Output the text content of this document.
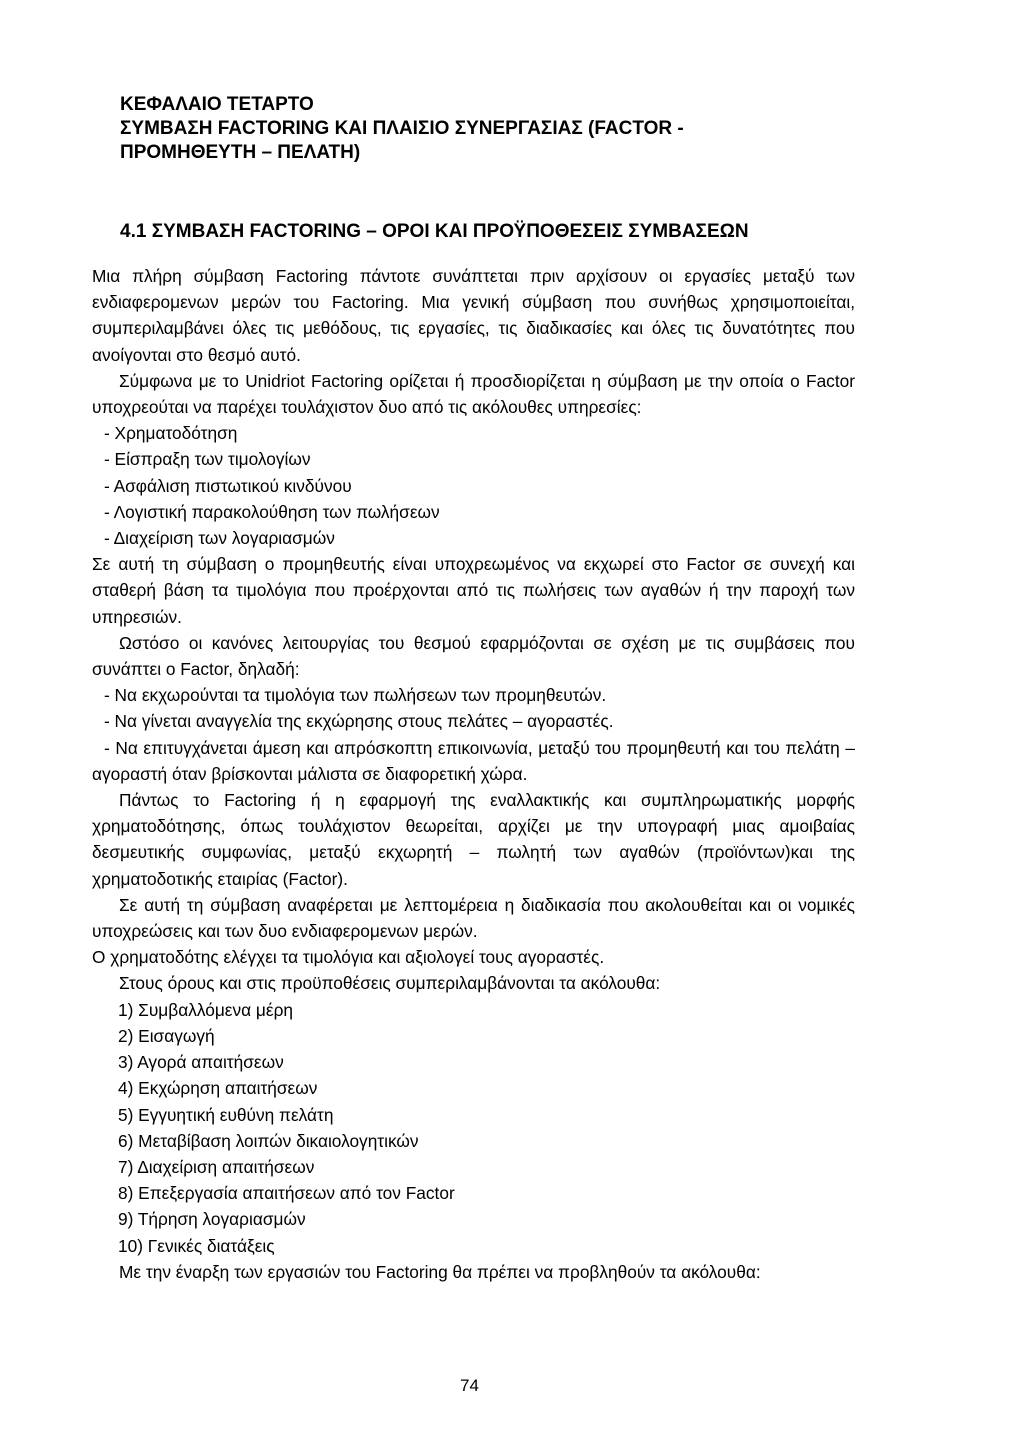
ΚΕΦΑΛΑΙΟ ΤΕΤΑΡΤΟ
ΣΥΜΒΑΣΗ FACTORING ΚΑΙ ΠΛΑΙΣΙΟ ΣΥΝΕΡΓΑΣΙΑΣ (FACTOR -
ΠΡΟΜΗΘΕΥΤΗ – ΠΕΛΑΤΗ)
4.1 ΣΥΜΒΑΣΗ FACTORING – ΟΡΟΙ ΚΑΙ ΠΡΟΫΠΟΘΕΣΕΙΣ ΣΥΜΒΑΣΕΩΝ

Μια πλήρη σύμβαση Factoring πάντοτε συνάπτεται πριν αρχίσουν οι εργασίες μεταξύ των ενδιαφερομενων μερών του Factoring. Μια γενική σύμβαση που συνήθως χρησιμοποιείται, συμπεριλαμβάνει όλες τις μεθόδους, τις εργασίες, τις διαδικασίες και όλες τις δυνατότητες που ανοίγονται στο θεσμό αυτό.

Σύμφωνα με το Unidriot Factoring ορίζεται ή προσδιορίζεται η σύμβαση με την οποία ο Factor υποχρεούται να παρέχει τουλάχιστον δυο από τις ακόλουθες υπηρεσίες:

- Χρηματοδότηση
- Είσπραξη των τιμολογίων
- Ασφάλιση πιστωτικού κινδύνου
- Λογιστική παρακολούθηση των πωλήσεων
- Διαχείριση των λογαριασμών

Σε αυτή τη σύμβαση ο προμηθευτής είναι υποχρεωμένος να εκχωρεί στο Factor σε συνεχή και σταθερή βάση τα τιμολόγια που προέρχονται από τις πωλήσεις των αγαθών ή την παροχή των υπηρεσιών.

Ωστόσο οι κανόνες λειτουργίας του θεσμού εφαρμόζονται σε σχέση με τις συμβάσεις που συνάπτει ο Factor, δηλαδή:

- Να εκχωρούνται τα τιμολόγια των πωλήσεων των προμηθευτών.
- Να γίνεται αναγγελία της εκχώρησης στους πελάτες – αγοραστές.

- Να επιτυγχάνεται άμεση και απρόσκοπτη επικοινωνία, μεταξύ του προμηθευτή και του πελάτη – αγοραστή όταν βρίσκονται μάλιστα σε διαφορετική χώρα.

Πάντως το Factoring ή η εφαρμογή της εναλλακτικής και συμπληρωματικής μορφής χρηματοδότησης, όπως τουλάχιστον θεωρείται, αρχίζει με την υπογραφή μιας αμοιβαίας δεσμευτικής συμφωνίας, μεταξύ εκχωρητή – πωλητή των αγαθών (προϊόντων)και της χρηματοδοτικής εταιρίας (Factor).

Σε αυτή τη σύμβαση αναφέρεται με λεπτομέρεια η διαδικασία που ακολουθείται και οι νομικές υποχρεώσεις και των δυο ενδιαφερομενων μερών.

Ο χρηματοδότης ελέγχει τα τιμολόγια και αξιολογεί τους αγοραστές.

Στους όρους και στις προϋποθέσεις συμπεριλαμβάνονται τα ακόλουθα:

1) Συμβαλλόμενα μέρη
2) Εισαγωγή
3) Αγορά απαιτήσεων
4) Εκχώρηση απαιτήσεων
5) Εγγυητική ευθύνη πελάτη
6) Μεταβίβαση λοιπών δικαιολογητικών
7) Διαχείριση απαιτήσεων
8) Επεξεργασία απαιτήσεων από τον Factor
9) Τήρηση λογαριασμών
10) Γενικές διατάξεις

Με την έναρξη των εργασιών του Factoring θα πρέπει να προβληθούν τα ακόλουθα:

74
